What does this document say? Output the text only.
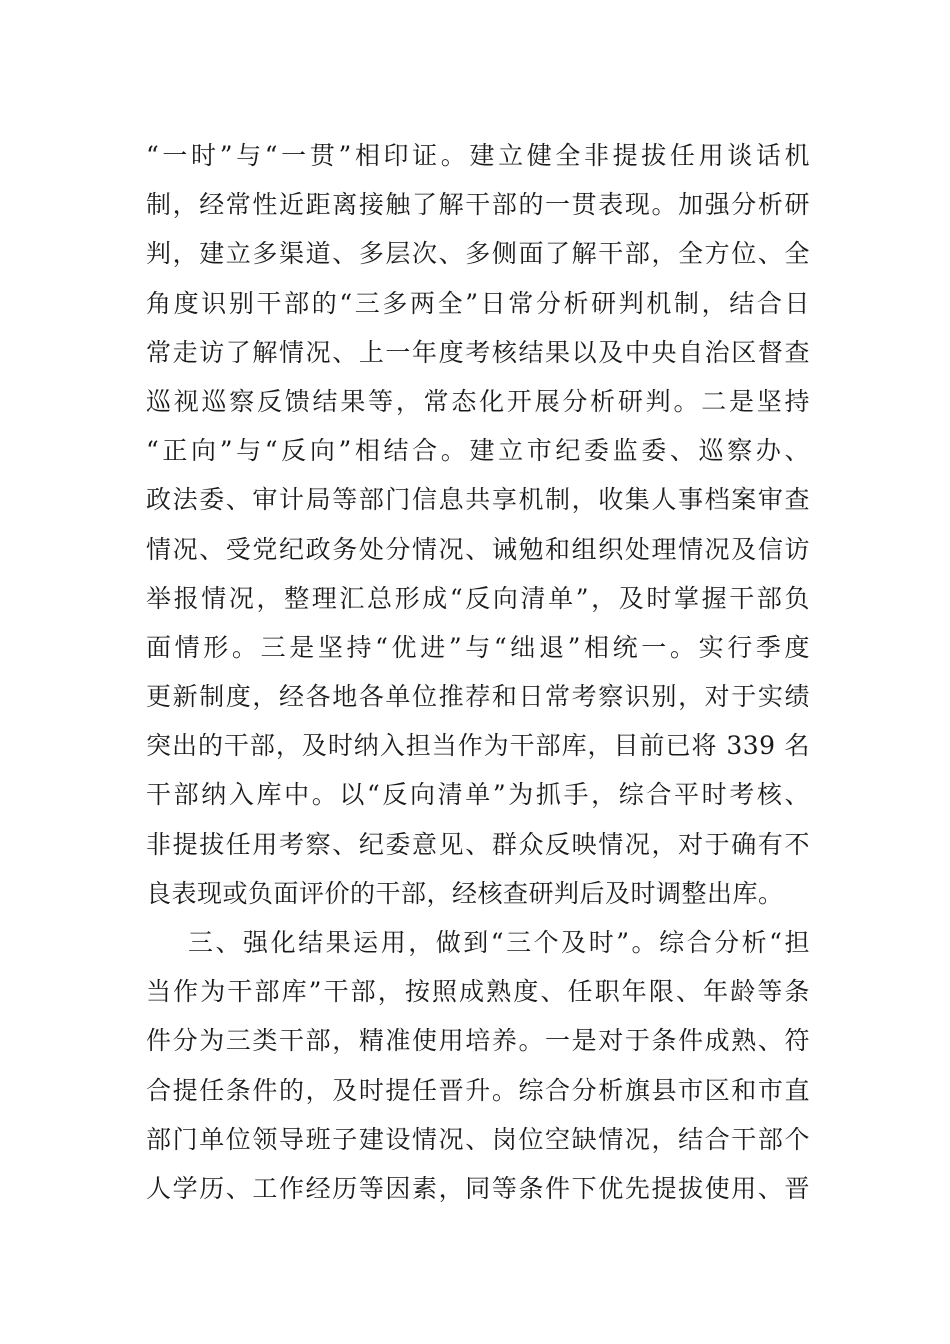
“一时”与“一贯”相印证。建立健全非提拔任用谈话机
制，经常性近距离接触了解干部的一贯表现。加强分析研
判，建立多渠道、多层次、多侧面了解干部，全方位、全
角度识别干部的“三多两全”日常分析研判机制，结合日
常走访了解情况、上一年度考核结果以及中央自治区督查
巡视巡察反馈结果等，常态化开展分析研判。二是坚持
“正向”与“反向”相结合。建立市纪委监委、巡察办、
政法委、审计局等部门信息共享机制，收集人事档案审查
情况、受党纪政务处分情况、诫勉和组织处理情况及信访
举报情况，整理汇总形成“反向清单”，及时掌握干部负
面情形。三是坚持“优进”与“绌退”相统一。实行季度
更新制度，经各地各单位推荐和日常考察识别，对于实绩
突出的干部，及时纳入担当作为干部库，目前已将 339 名
干部纳入库中。以“反向清单”为抓手，综合平时考核、
非提拔任用考察、纪委意见、群众反映情况，对于确有不
良表现或负面评价的干部，经核查研判后及时调整出库。
三、强化结果运用，做到“三个及时”。综合分析“担
当作为干部库”干部，按照成熟度、任职年限、年龄等条
件分为三类干部，精准使用培养。一是对于条件成熟、符
合提任条件的，及时提任晋升。综合分析旗县市区和市直
部门单位领导班子建设情况、岗位空缺情况，结合干部个
人学历、工作经历等因素，同等条件下优先提拔使用、晋
